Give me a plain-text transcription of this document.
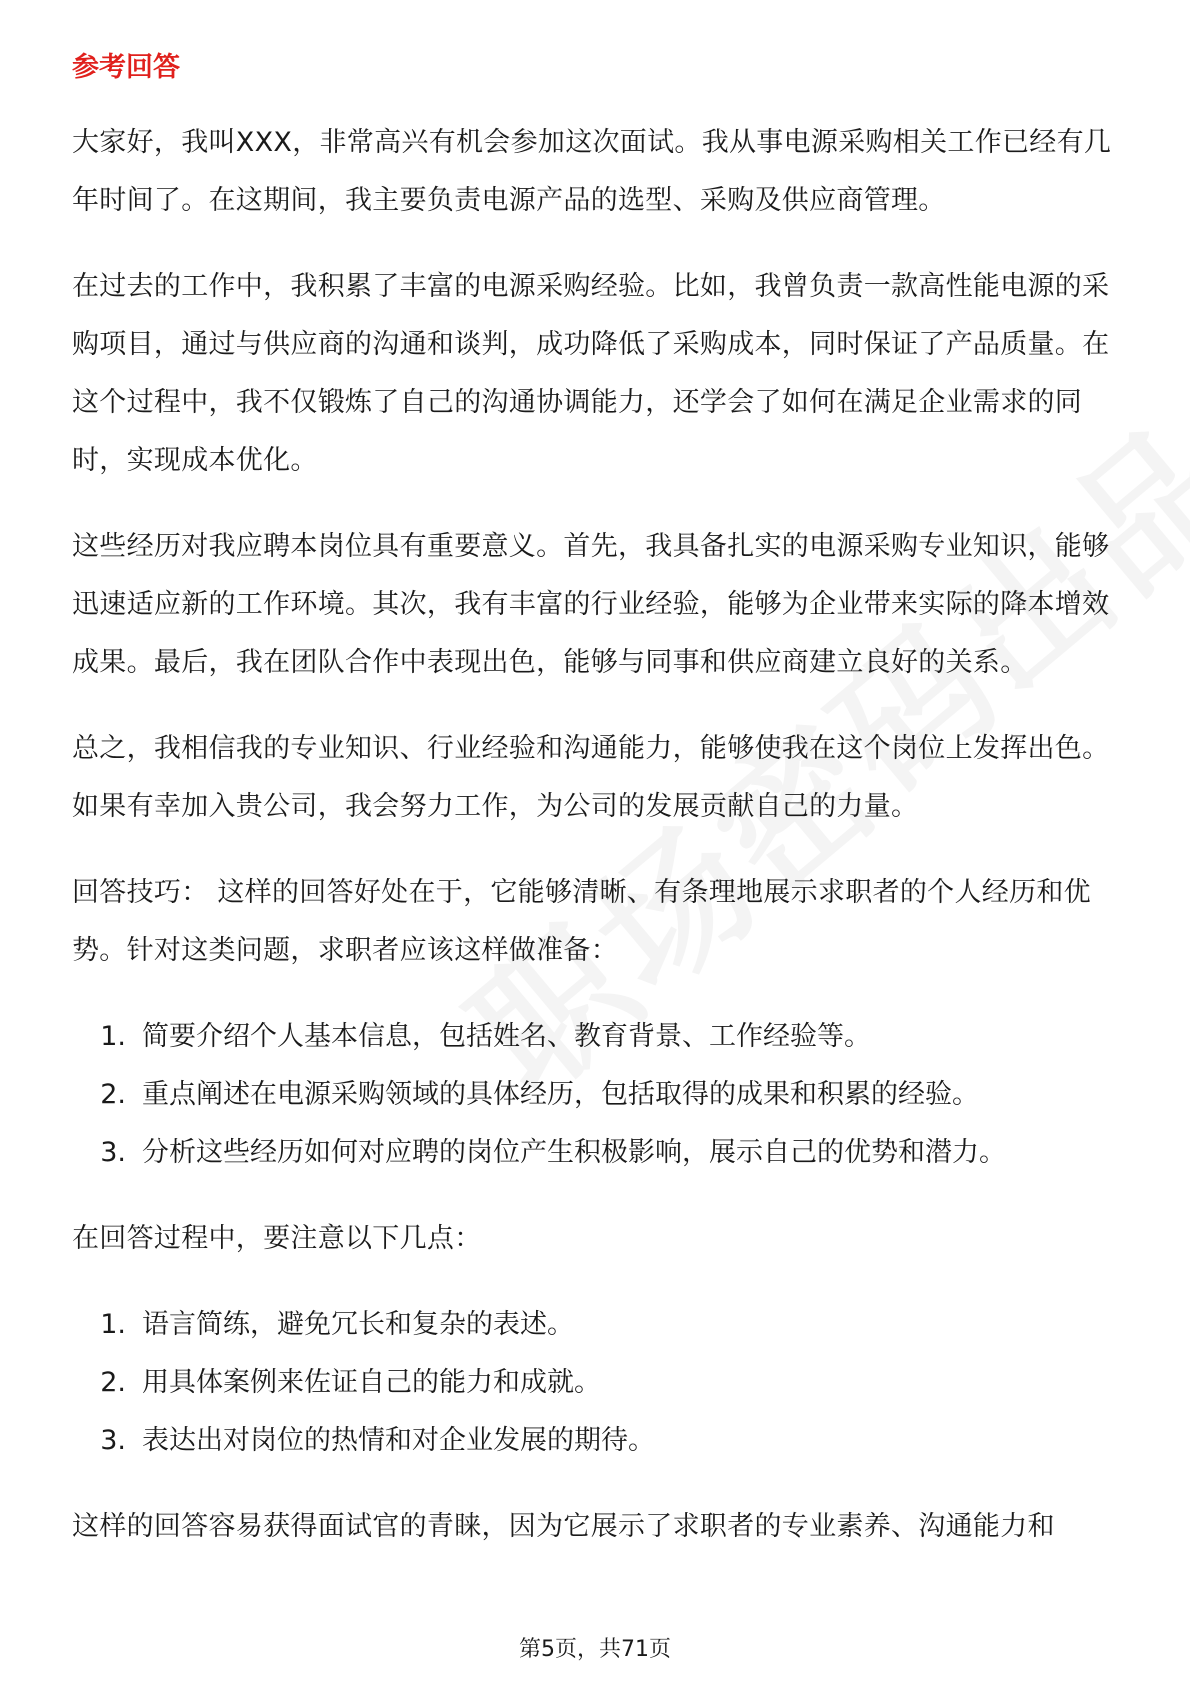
参考回答

大家好，我叫XXX，非常高兴有机会参加这次面试。我从事电源采购相关工作已经有几年时间了。在这期间，我主要负责电源产品的选型、采购及供应商管理。

在过去的工作中，我积累了丰富的电源采购经验。比如，我曾负责一款高性能电源的采购项目，通过与供应商的沟通和谈判，成功降低了采购成本，同时保证了产品质量。在这个过程中，我不仅锻炼了自己的沟通协调能力，还学会了如何在满足企业需求的同时，实现成本优化。

这些经历对我应聘本岗位具有重要意义。首先，我具备扎实的电源采购专业知识，能够迅速适应新的工作环境。其次，我有丰富的行业经验，能够为企业带来实际的降本增效成果。最后，我在团队合作中表现出色，能够与同事和供应商建立良好的关系。

总之，我相信我的专业知识、行业经验和沟通能力，能够使我在这个岗位上发挥出色。如果有幸加入贵公司，我会努力工作，为公司的发展贡献自己的力量。

回答技巧： 这样的回答好处在于，它能够清晰、有条理地展示求职者的个人经历和优势。针对这类问题，求职者应该这样做准备：

1. 简要介绍个人基本信息，包括姓名、教育背景、工作经验等。
2. 重点阐述在电源采购领域的具体经历，包括取得的成果和积累的经验。
3. 分析这些经历如何对应聘的岗位产生积极影响，展示自己的优势和潜力。

在回答过程中，要注意以下几点：

1. 语言简练，避免冗长和复杂的表述。
2. 用具体案例来佐证自己的能力和成就。
3. 表达出对岗位的热情和对企业发展的期待。

这样的回答容易获得面试官的青睐，因为它展示了求职者的专业素养、沟通能力和

第5页，共71页
